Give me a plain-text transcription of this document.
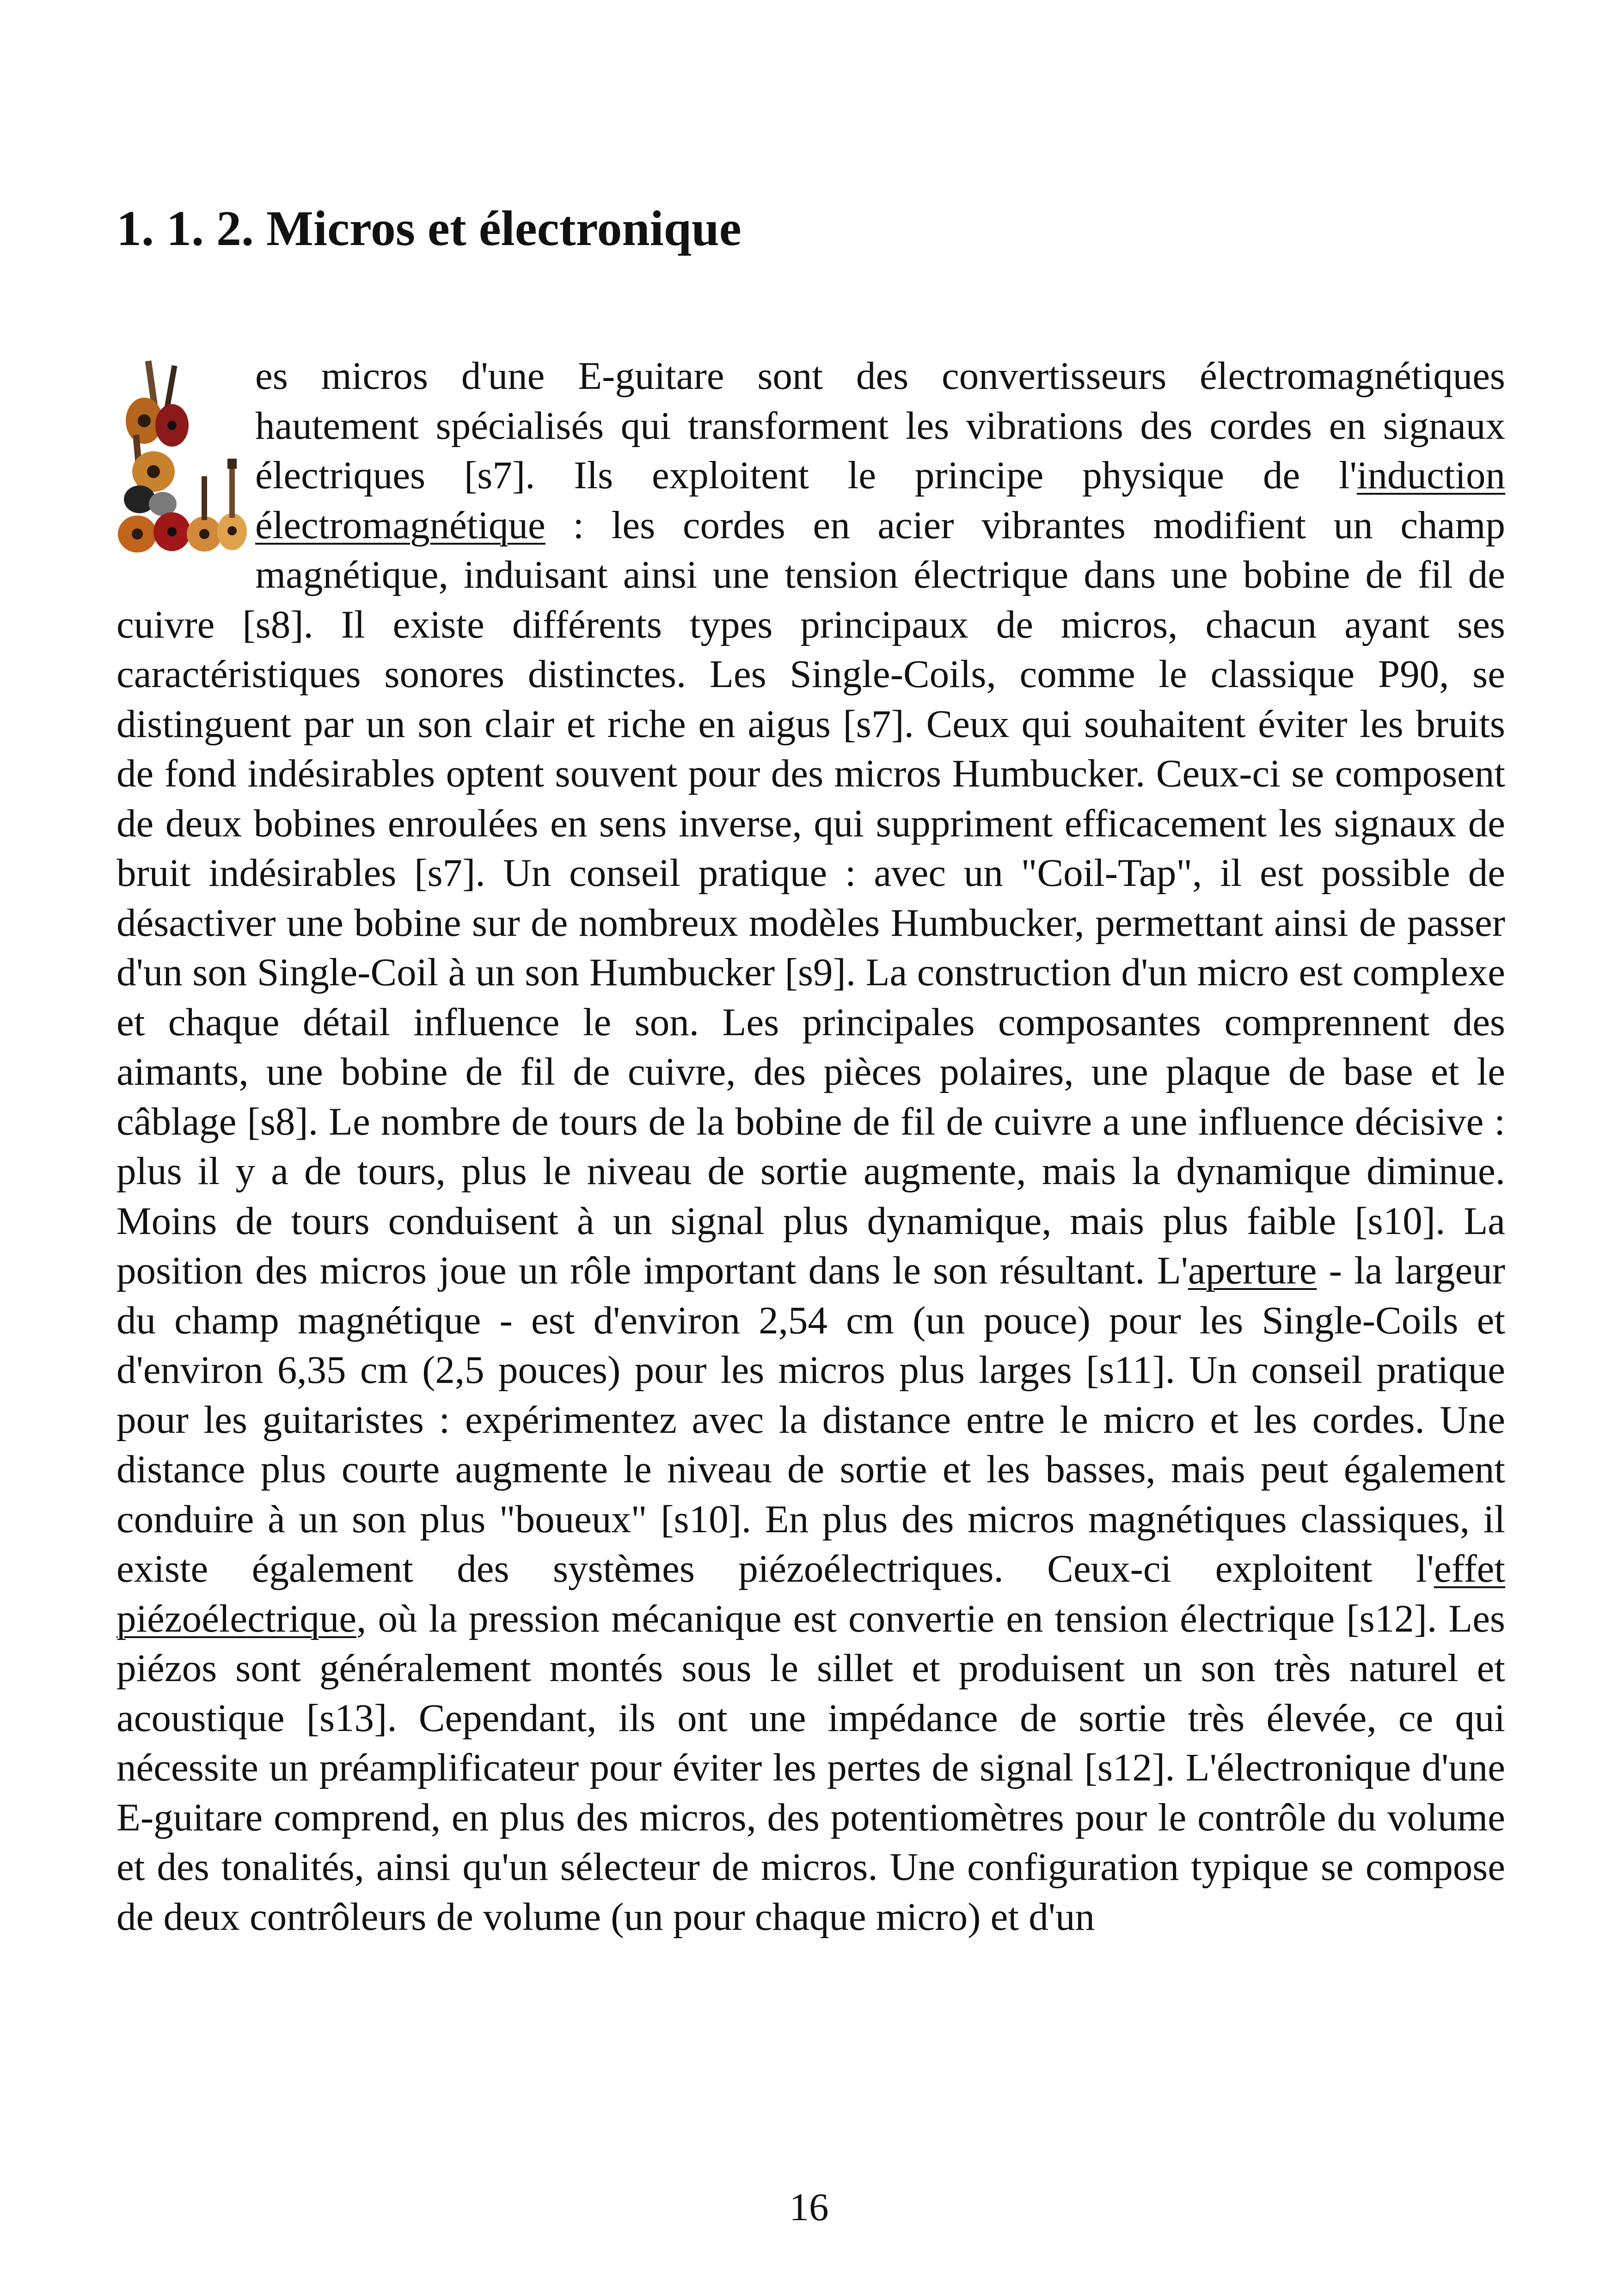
1. 1. 2. Micros et électronique

es micros d'une E-guitare sont des convertisseurs électromagnétiques hautement spécialisés qui transforment les vibrations des cordes en signaux électriques [s7]. Ils exploitent le principe physique de l'induction électromagnétique : les cordes en acier vibrantes modifient un champ magnétique, induisant ainsi une tension électrique dans une bobine de fil de cuivre [s8]. Il existe différents types principaux de micros, chacun ayant ses caractéristiques sonores distinctes. Les Single-Coils, comme le classique P90, se distinguent par un son clair et riche en aigus [s7]. Ceux qui souhaitent éviter les bruits de fond indésirables optent souvent pour des micros Humbucker. Ceux-ci se composent de deux bobines enroulées en sens inverse, qui suppriment efficacement les signaux de bruit indésirables [s7]. Un conseil pratique : avec un "Coil-Tap", il est possible de désactiver une bobine sur de nombreux modèles Humbucker, permettant ainsi de passer d'un son Single-Coil à un son Humbucker [s9]. La construction d'un micro est complexe et chaque détail influence le son. Les principales composantes comprennent des aimants, une bobine de fil de cuivre, des pièces polaires, une plaque de base et le câblage [s8]. Le nombre de tours de la bobine de fil de cuivre a une influence décisive : plus il y a de tours, plus le niveau de sortie augmente, mais la dynamique diminue. Moins de tours conduisent à un signal plus dynamique, mais plus faible [s10]. La position des micros joue un rôle important dans le son résultant. L'aperture - la largeur du champ magnétique - est d'environ 2,54 cm (un pouce) pour les Single-Coils et d'environ 6,35 cm (2,5 pouces) pour les micros plus larges [s11]. Un conseil pratique pour les guitaristes : expérimentez avec la distance entre le micro et les cordes. Une distance plus courte augmente le niveau de sortie et les basses, mais peut également conduire à un son plus "boueux" [s10]. En plus des micros magnétiques classiques, il existe également des systèmes piézoélectriques. Ceux-ci exploitent l'effet piézoélectrique, où la pression mécanique est convertie en tension électrique [s12]. Les piézos sont généralement montés sous le sillet et produisent un son très naturel et acoustique [s13]. Cependant, ils ont une impédance de sortie très élevée, ce qui nécessite un préamplificateur pour éviter les pertes de signal [s12]. L'électronique d'une E-guitare comprend, en plus des micros, des potentiomètres pour le contrôle du volume et des tonalités, ainsi qu'un sélecteur de micros. Une configuration typique se compose de deux contrôleurs de volume (un pour chaque micro) et d'un

16
